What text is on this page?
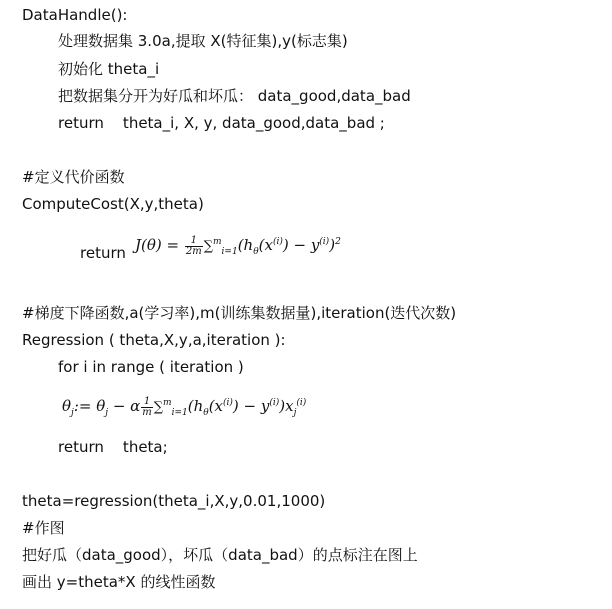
DataHandle():

处理数据集 3.0a,提取 X(特征集),y(标志集)

初始化 theta_i

把数据集分开为好瓜和坏瓜： data_good,data_bad

return    theta_i, X, y, data_good,data_bad ;

#定义代价函数

ComputeCost(X,y,theta)

return $J(\theta) = \frac{1}{2m} \sum^m_{i=1}(h_\theta(x^{(i)}) - y^{(i)})^2$

#梯度下降函数,a(学习率),m(训练集数据量),iteration(迭代次数)

Regression ( theta,X,y,a,iteration ):

for i in range ( iteration )

$\theta_j:= \theta_j - \alpha \frac{1}{m} \sum^m_{i=1}(h_\theta(x^{(i)}) - y^{(i)})x_j^{(i)}$

return    theta;

theta=regression(theta_i,X,y,0.01,1000)

#作图

把好瓜（data_good），坏瓜（data_bad）的点标注在图上

画出 y=theta*X 的线性函数
